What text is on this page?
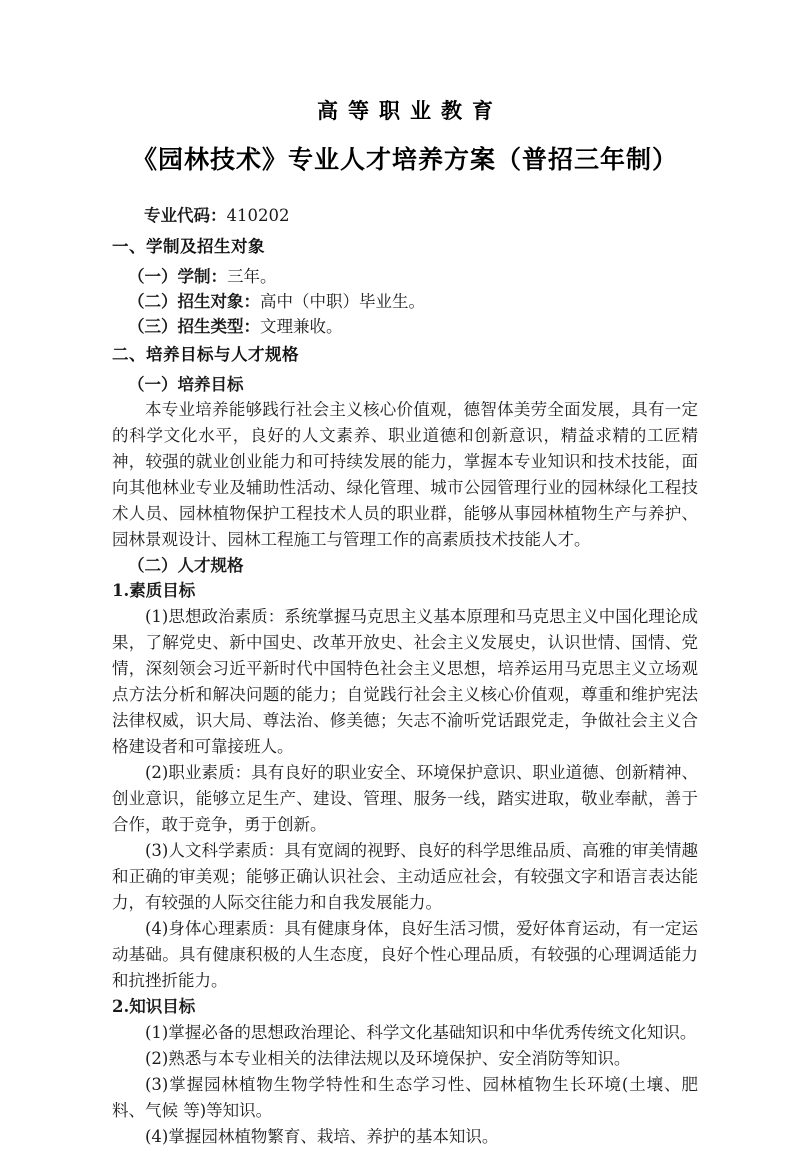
高等职业教育
《园林技术》专业人才培养方案（普招三年制）

专业代码：410202

一、学制及招生对象

（一）学制：三年。

（二）招生对象：高中（中职）毕业生。

（三）招生类型：文理兼收。

二、培养目标与人才规格
（一）培养目标

本专业培养能够践行社会主义核心价值观，德智体美劳全面发展，具有一定的科学文化水平，良好的人文素养、职业道德和创新意识，精益求精的工匠精神，较强的就业创业能力和可持续发展的能力，掌握本专业知识和技术技能，面向其他林业专业及辅助性活动、绿化管理、城市公园管理行业的园林绿化工程技术人员、园林植物保护工程技术人员的职业群，能够从事园林植物生产与养护、园林景观设计、园林工程施工与管理工作的高素质技术技能人才。

（二）人才规格
1.素质目标

(1)思想政治素质：系统掌握马克思主义基本原理和马克思主义中国化理论成果，了解党史、新中国史、改革开放史、社会主义发展史，认识世情、国情、党情，深刻领会习近平新时代中国特色社会主义思想，培养运用马克思主义立场观点方法分析和解决问题的能力；自觉践行社会主义核心价值观，尊重和维护宪法法律权威，识大局、尊法治、修美德；矢志不渝听党话跟党走，争做社会主义合格建设者和可靠接班人。

(2)职业素质：具有良好的职业安全、环境保护意识、职业道德、创新精神、创业意识，能够立足生产、建设、管理、服务一线，踏实进取，敬业奉献，善于合作，敢于竞争，勇于创新。

(3)人文科学素质：具有宽阔的视野、良好的科学思维品质、高雅的审美情趣和正确的审美观；能够正确认识社会、主动适应社会，有较强文字和语言表达能力，有较强的人际交往能力和自我发展能力。

(4)身体心理素质：具有健康身体，良好生活习惯，爱好体育运动，有一定运动基础。具有健康积极的人生态度，良好个性心理品质，有较强的心理调适能力和抗挫折能力。

2.知识目标

(1)掌握必备的思想政治理论、科学文化基础知识和中华优秀传统文化知识。

(2)熟悉与本专业相关的法律法规以及环境保护、安全消防等知识。

(3)掌握园林植物生物学特性和生态学习性、园林植物生长环境(土壤、肥料、气候 等)等知识。

(4)掌握园林植物繁育、栽培、养护的基本知识。
